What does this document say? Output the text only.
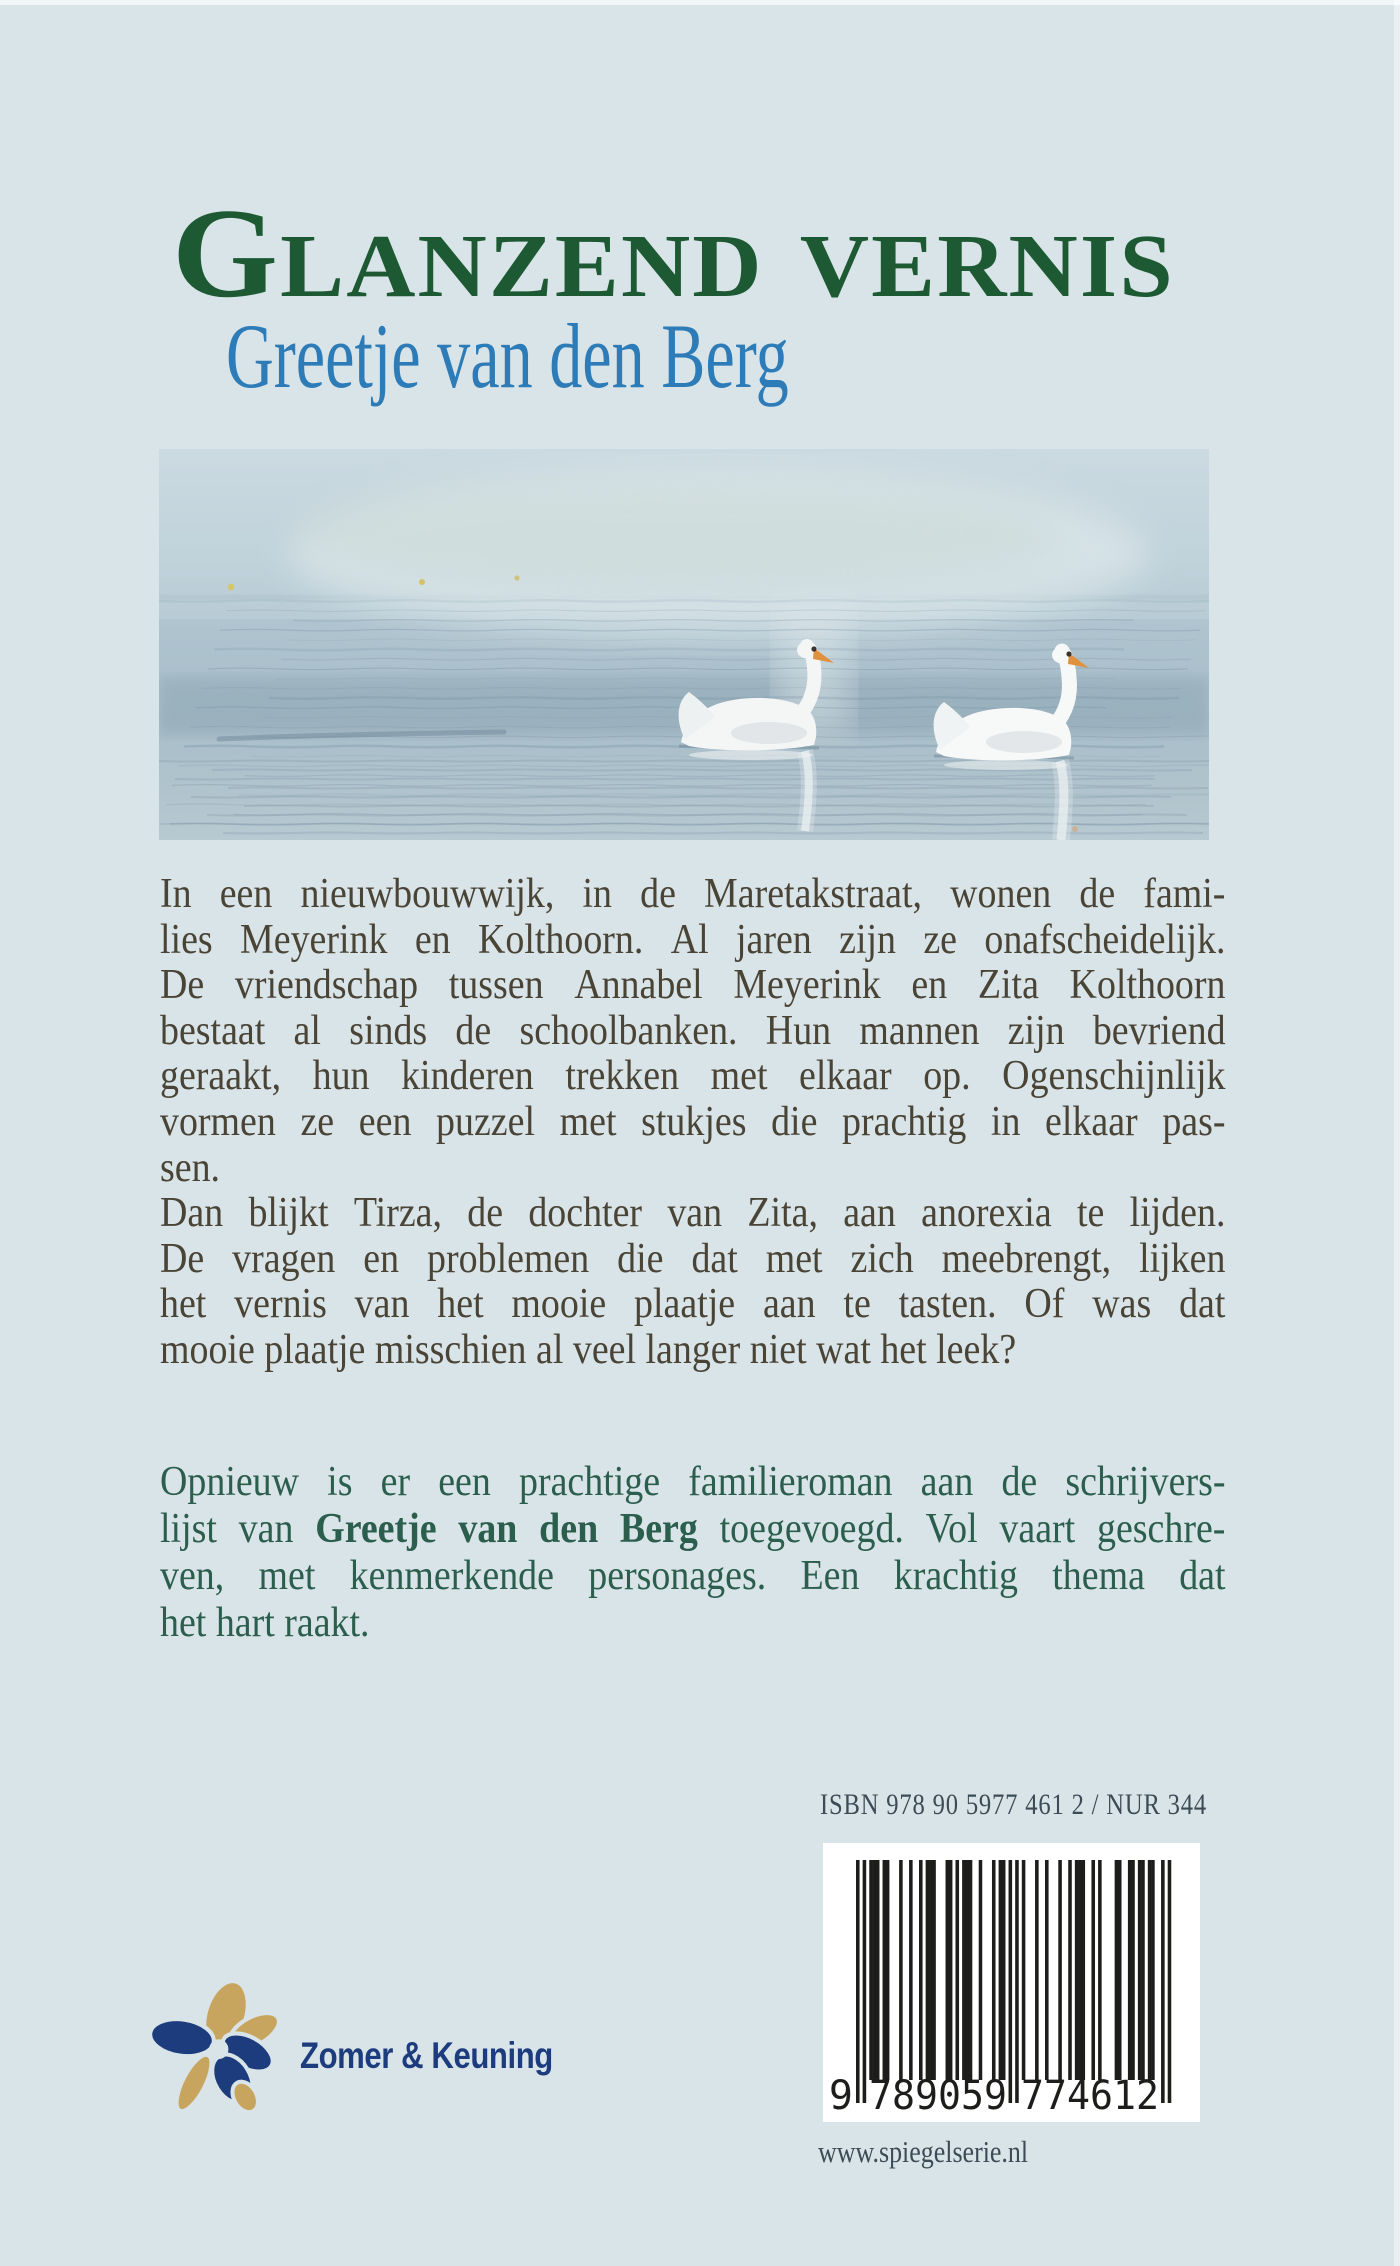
Glanzend vernis
Greetje van den Berg
In een nieuwbouwwijk, in de Maretakstraat, wonen de fami-
lies Meyerink en Kolthoorn. Al jaren zijn ze onafscheidelijk.
De vriendschap tussen Annabel Meyerink en Zita Kolthoorn
bestaat al sinds de schoolbanken. Hun mannen zijn bevriend
geraakt, hun kinderen trekken met elkaar op. Ogenschijnlijk
vormen ze een puzzel met stukjes die prachtig in elkaar pas-
sen.
Dan blijkt Tirza, de dochter van Zita, aan anorexia te lijden.
De vragen en problemen die dat met zich meebrengt, lijken
het vernis van het mooie plaatje aan te tasten. Of was dat
mooie plaatje misschien al veel langer niet wat het leek?
Opnieuw is er een prachtige familieroman aan de schrijvers-
lijst van Greetje van den Berg toegevoegd. Vol vaart geschre-
ven, met kenmerkende personages. Een krachtig thema dat
het hart raakt.
ISBN 978 90 5977 461 2 / NUR 344
9 789059 774612
Zomer & Keuning
www.spiegelserie.nl
